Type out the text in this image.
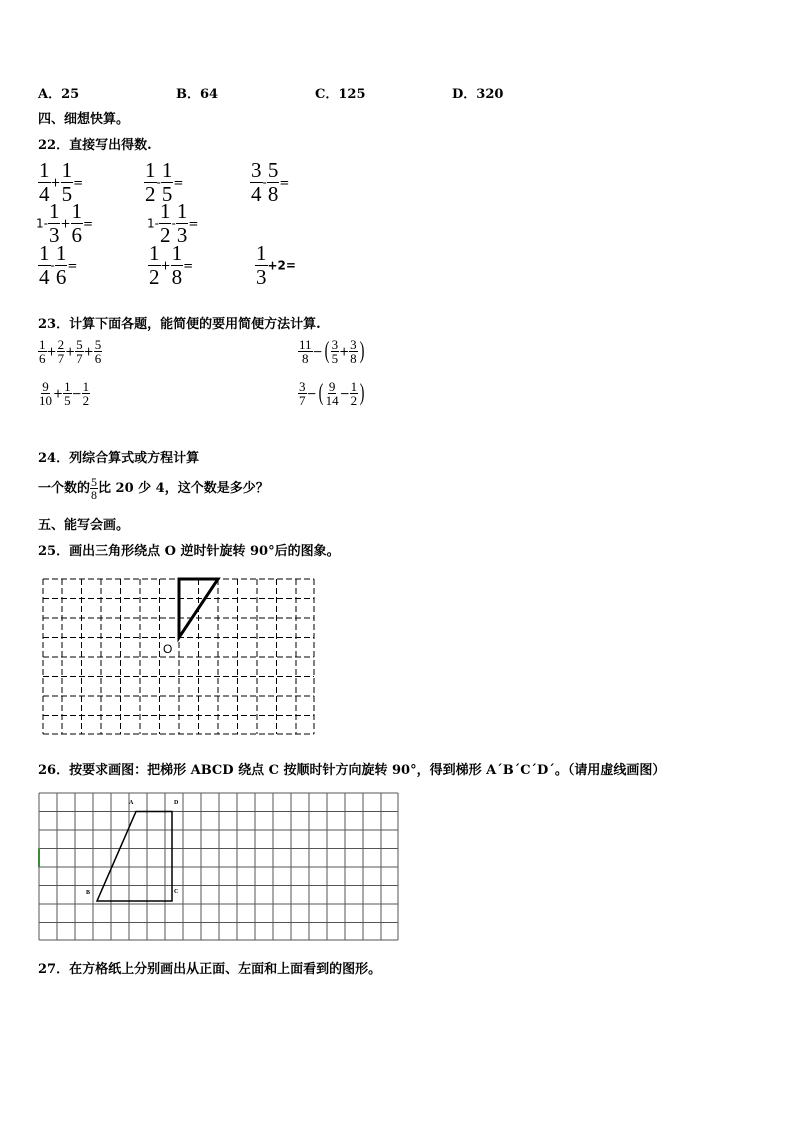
A．25	B．64	C．125	D．320
四、细想快算。
22．直接写出得数.
$\frac{1}{4} + \frac{1}{5}$ =	$\frac{1}{2} - \frac{1}{5}$ =	$\frac{3}{4} - \frac{5}{8}$ =
$1- \frac{1}{3} + \frac{1}{6}$ =	$1- \frac{1}{2} - \frac{1}{3}$ =
$\frac{1}{4} - \frac{1}{6}$ =	$\frac{1}{2} + \frac{1}{8}$ =	$\frac{1}{3} +2=$
23．计算下面各题，能简便的要用简便方法计算.
$\frac{1}{6} + \frac{2}{7} + \frac{5}{7} + \frac{5}{6}$	$\frac{11}{8}$ −( $\frac{3}{5} + \frac{3}{8}$ )
$\frac{9}{10} + \frac{1}{5} - \frac{1}{2}$	$\frac{3}{7}$ −( $\frac{9}{14} - \frac{1}{2}$ )
24．列综合算式或方程计算
一个数的 $\frac{5}{8}$ 比 20 少 4，这个数是多少？
五、能写会画。
25．画出三角形绕点 O 逆时针旋转 90°后的图象。
O
26．按要求画图：把梯形 ABCD 绕点 C 按顺时针方向旋转 90°，得到梯形 A´B´C´D´。（请用虚线画图）
A	D
B	C
27．在方格纸上分别画出从正面、左面和上面看到的图形。
